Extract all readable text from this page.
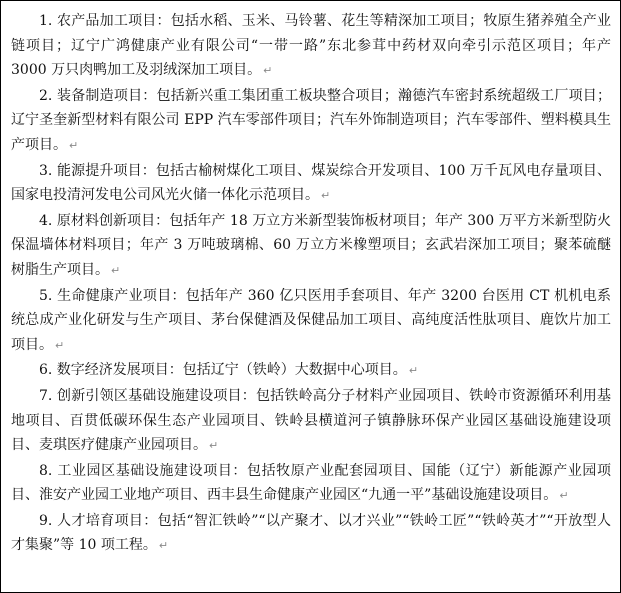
1. 农产品加工项目：包括水稻、玉米、马铃薯、花生等精深加工项目；牧原生猪养殖全产业链项目；辽宁广鸿健康产业有限公司“一带一路”东北参茸中药材双向牵引示范区项目；年产 3000 万只肉鸭加工及羽绒深加工项目。 ↵

2. 装备制造项目：包括新兴重工集团重工板块整合项目；瀚德汽车密封系统超级工厂项目；辽宁圣奎新型材料有限公司 EPP 汽车零部件项目；汽车外饰制造项目；汽车零部件、塑料模具生产项目。 ↵

3. 能源提升项目：包括古榆树煤化工项目、煤炭综合开发项目、100 万千瓦风电存量项目、国家电投清河发电公司风光火储一体化示范项目。 ↵

4. 原材料创新项目：包括年产 18 万立方米新型装饰板材项目；年产 300 万平方米新型防火保温墙体材料项目；年产 3 万吨玻璃棉、60 万立方米橡塑项目；玄武岩深加工项目；聚苯硫醚树脂生产项目。 ↵

5. 生命健康产业项目：包括年产 360 亿只医用手套项目、年产 3200 台医用 CT 机机电系统总成产业化研发与生产项目、茅台保健酒及保健品加工项目、高纯度活性肽项目、鹿饮片加工项目。 ↵

6. 数字经济发展项目：包括辽宁（铁岭）大数据中心项目。 ↵

7. 创新引领区基础设施建设项目：包括铁岭高分子材料产业园项目、铁岭市资源循环利用基地项目、百贯低碳环保生态产业园项目、铁岭县横道河子镇静脉环保产业园区基础设施建设项目、麦琪医疗健康产业园项目。 ↵

8. 工业园区基础设施建设项目：包括牧原产业配套园项目、国能（辽宁）新能源产业园项目、淮安产业园工业地产项目、西丰县生命健康产业园区“九通一平”基础设施建设项目。 ↵

9. 人才培育项目：包括“智汇铁岭”“以产聚才、以才兴业”“铁岭工匠”“铁岭英才”“开放型人才集聚”等 10 项工程。 ↵
